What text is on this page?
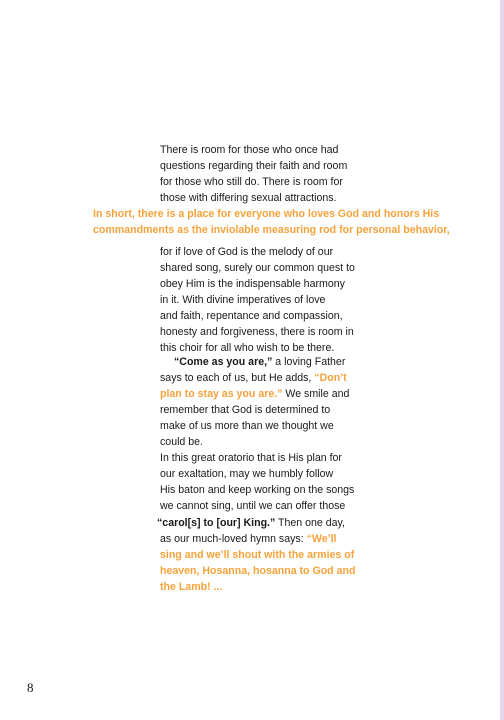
There is room for those who once had
questions regarding their faith and room
for those who still do. There is room for
those with differing sexual attractions.
In short, there is a place for everyone who loves God and honors His
commandments as the inviolable measuring rod for personal behavior,
for if love of God is the melody of our
shared song, surely our common quest to
obey Him is the indispensable harmony
in it. With divine imperatives of love
and faith, repentance and compassion,
honesty and forgiveness, there is room in
this choir for all who wish to be there.
“Come as you are,” a loving Father
says to each of us, but He adds, “Don’t
plan to stay as you are.” We smile and
remember that God is determined to
make of us more than we thought we
could be.
In this great oratorio that is His plan for
our exaltation, may we humbly follow
His baton and keep working on the songs
we cannot sing, until we can offer those
“carol[s] to [our] King.” Then one day,
as our much-loved hymn says: “We’ll
sing and we’ll shout with the armies of
heaven, Hosanna, hosanna to God and
the Lamb! ...
8
